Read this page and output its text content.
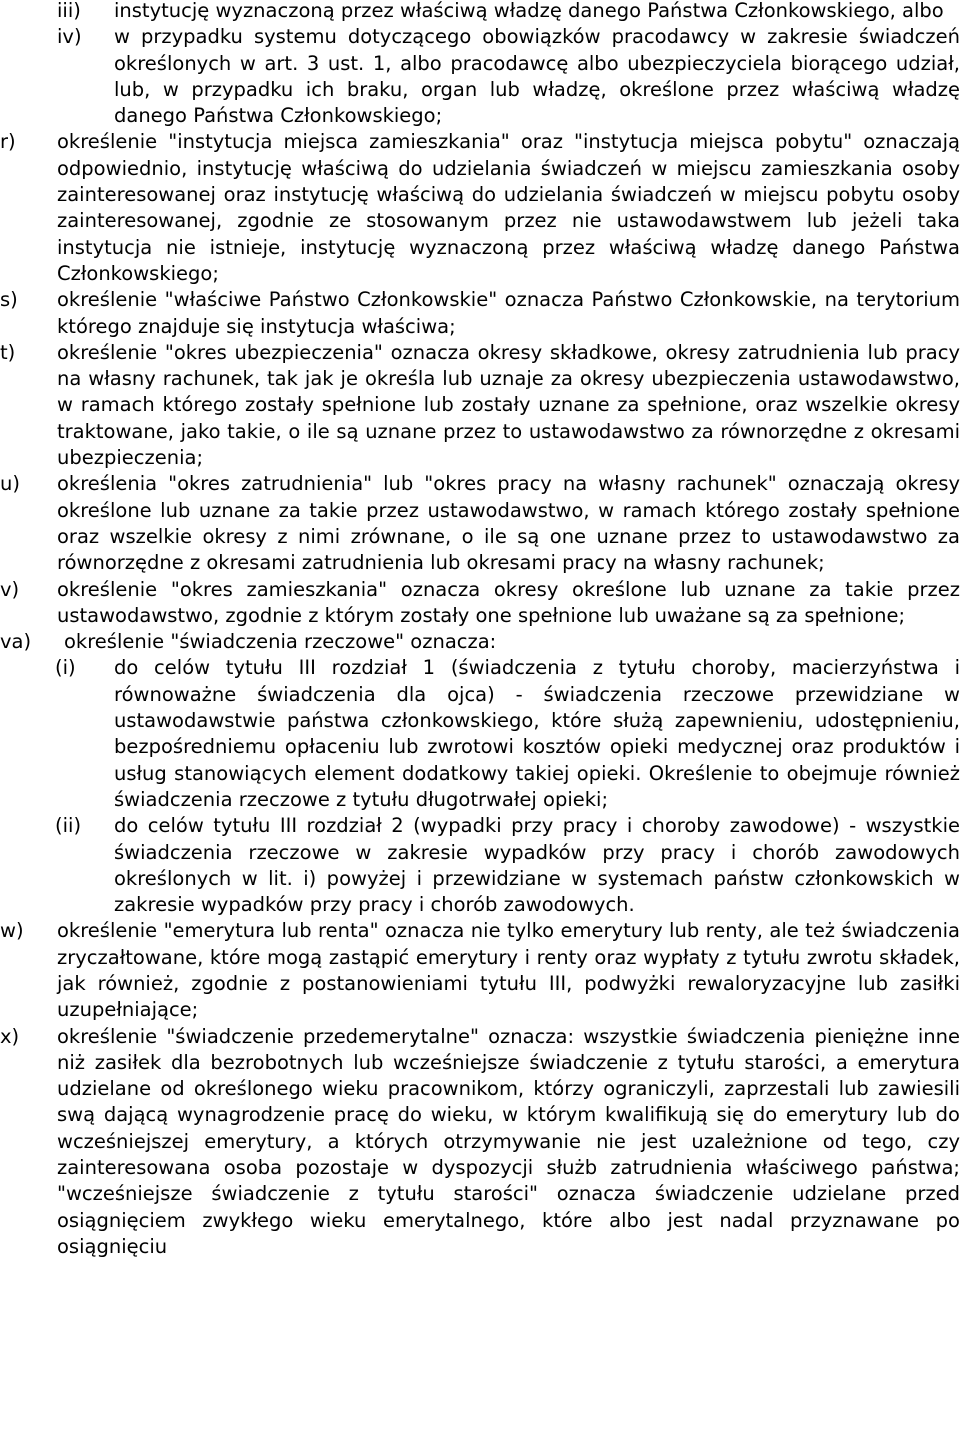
iii) instytucję wyznaczoną przez właściwą władzę danego Państwa Członkowskiego, albo
iv) w przypadku systemu dotyczącego obowiązków pracodawcy w zakresie świadczeń określonych w art. 3 ust. 1, albo pracodawcę albo ubezpieczyciela biorącego udział, lub, w przypadku ich braku, organ lub władzę, określone przez właściwą władzę danego Państwa Członkowskiego;
r) określenie "instytucja miejsca zamieszkania" oraz "instytucja miejsca pobytu" oznaczają odpowiednio, instytucję właściwą do udzielania świadczeń w miejscu zamieszkania osoby zainteresowanej oraz instytucję właściwą do udzielania świadczeń w miejscu pobytu osoby zainteresowanej, zgodnie ze stosowanym przez nie ustawodawstwem lub jeżeli taka instytucja nie istnieje, instytucję wyznaczoną przez właściwą władzę danego Państwa Członkowskiego;
s) określenie "właściwe Państwo Członkowskie" oznacza Państwo Członkowskie, na terytorium którego znajduje się instytucja właściwa;
t) określenie "okres ubezpieczenia" oznacza okresy składkowe, okresy zatrudnienia lub pracy na własny rachunek, tak jak je określa lub uznaje za okresy ubezpieczenia ustawodawstwo, w ramach którego zostały spełnione lub zostały uznane za spełnione, oraz wszelkie okresy traktowane, jako takie, o ile są uznane przez to ustawodawstwo za równorzędne z okresami ubezpieczenia;
u) określenia "okres zatrudnienia" lub "okres pracy na własny rachunek" oznaczają okresy określone lub uznane za takie przez ustawodawstwo, w ramach którego zostały spełnione oraz wszelkie okresy z nimi zrównane, o ile są one uznane przez to ustawodawstwo za równorzędne z okresami zatrudnienia lub okresami pracy na własny rachunek;
v) określenie "okres zamieszkania" oznacza okresy określone lub uznane za takie przez ustawodawstwo, zgodnie z którym zostały one spełnione lub uważane są za spełnione;
va) określenie "świadczenia rzeczowe" oznacza:
(i) do celów tytułu III rozdział 1 (świadczenia z tytułu choroby, macierzyństwa i równoważne świadczenia dla ojca) - świadczenia rzeczowe przewidziane w ustawodawstwie państwa członkowskiego, które służą zapewnieniu, udostępnieniu, bezpośredniemu opłaceniu lub zwrotowi kosztów opieki medycznej oraz produktów i usług stanowiących element dodatkowy takiej opieki. Określenie to obejmuje również świadczenia rzeczowe z tytułu długotrwałej opieki;
(ii) do celów tytułu III rozdział 2 (wypadki przy pracy i choroby zawodowe) - wszystkie świadczenia rzeczowe w zakresie wypadków przy pracy i chorób zawodowych określonych w lit. i) powyżej i przewidziane w systemach państw członkowskich w zakresie wypadków przy pracy i chorób zawodowych.
w) określenie "emerytura lub renta" oznacza nie tylko emerytury lub renty, ale też świadczenia zryczałtowane, które mogą zastąpić emerytury i renty oraz wypłaty z tytułu zwrotu składek, jak również, zgodnie z postanowieniami tytułu III, podwyżki rewaloryzacyjne lub zasiłki uzupełniające;
x) określenie "świadczenie przedemerytalne" oznacza: wszystkie świadczenia pieniężne inne niż zasiłek dla bezrobotnych lub wcześniejsze świadczenie z tytułu starości, a emerytura udzielane od określonego wieku pracownikom, którzy ograniczyli, zaprzestali lub zawiesili swą dającą wynagrodzenie pracę do wieku, w którym kwalifikują się do emerytury lub do wcześniejszej emerytury, a których otrzymywanie nie jest uzależnione od tego, czy zainteresowana osoba pozostaje w dyspozycji służb zatrudnienia właściwego państwa; "wcześniejsze świadczenie z tytułu starości" oznacza świadczenie udzielane przed osiągnięciem zwykłego wieku emerytalnego, które albo jest nadal przyznawane po osiągnięciu
